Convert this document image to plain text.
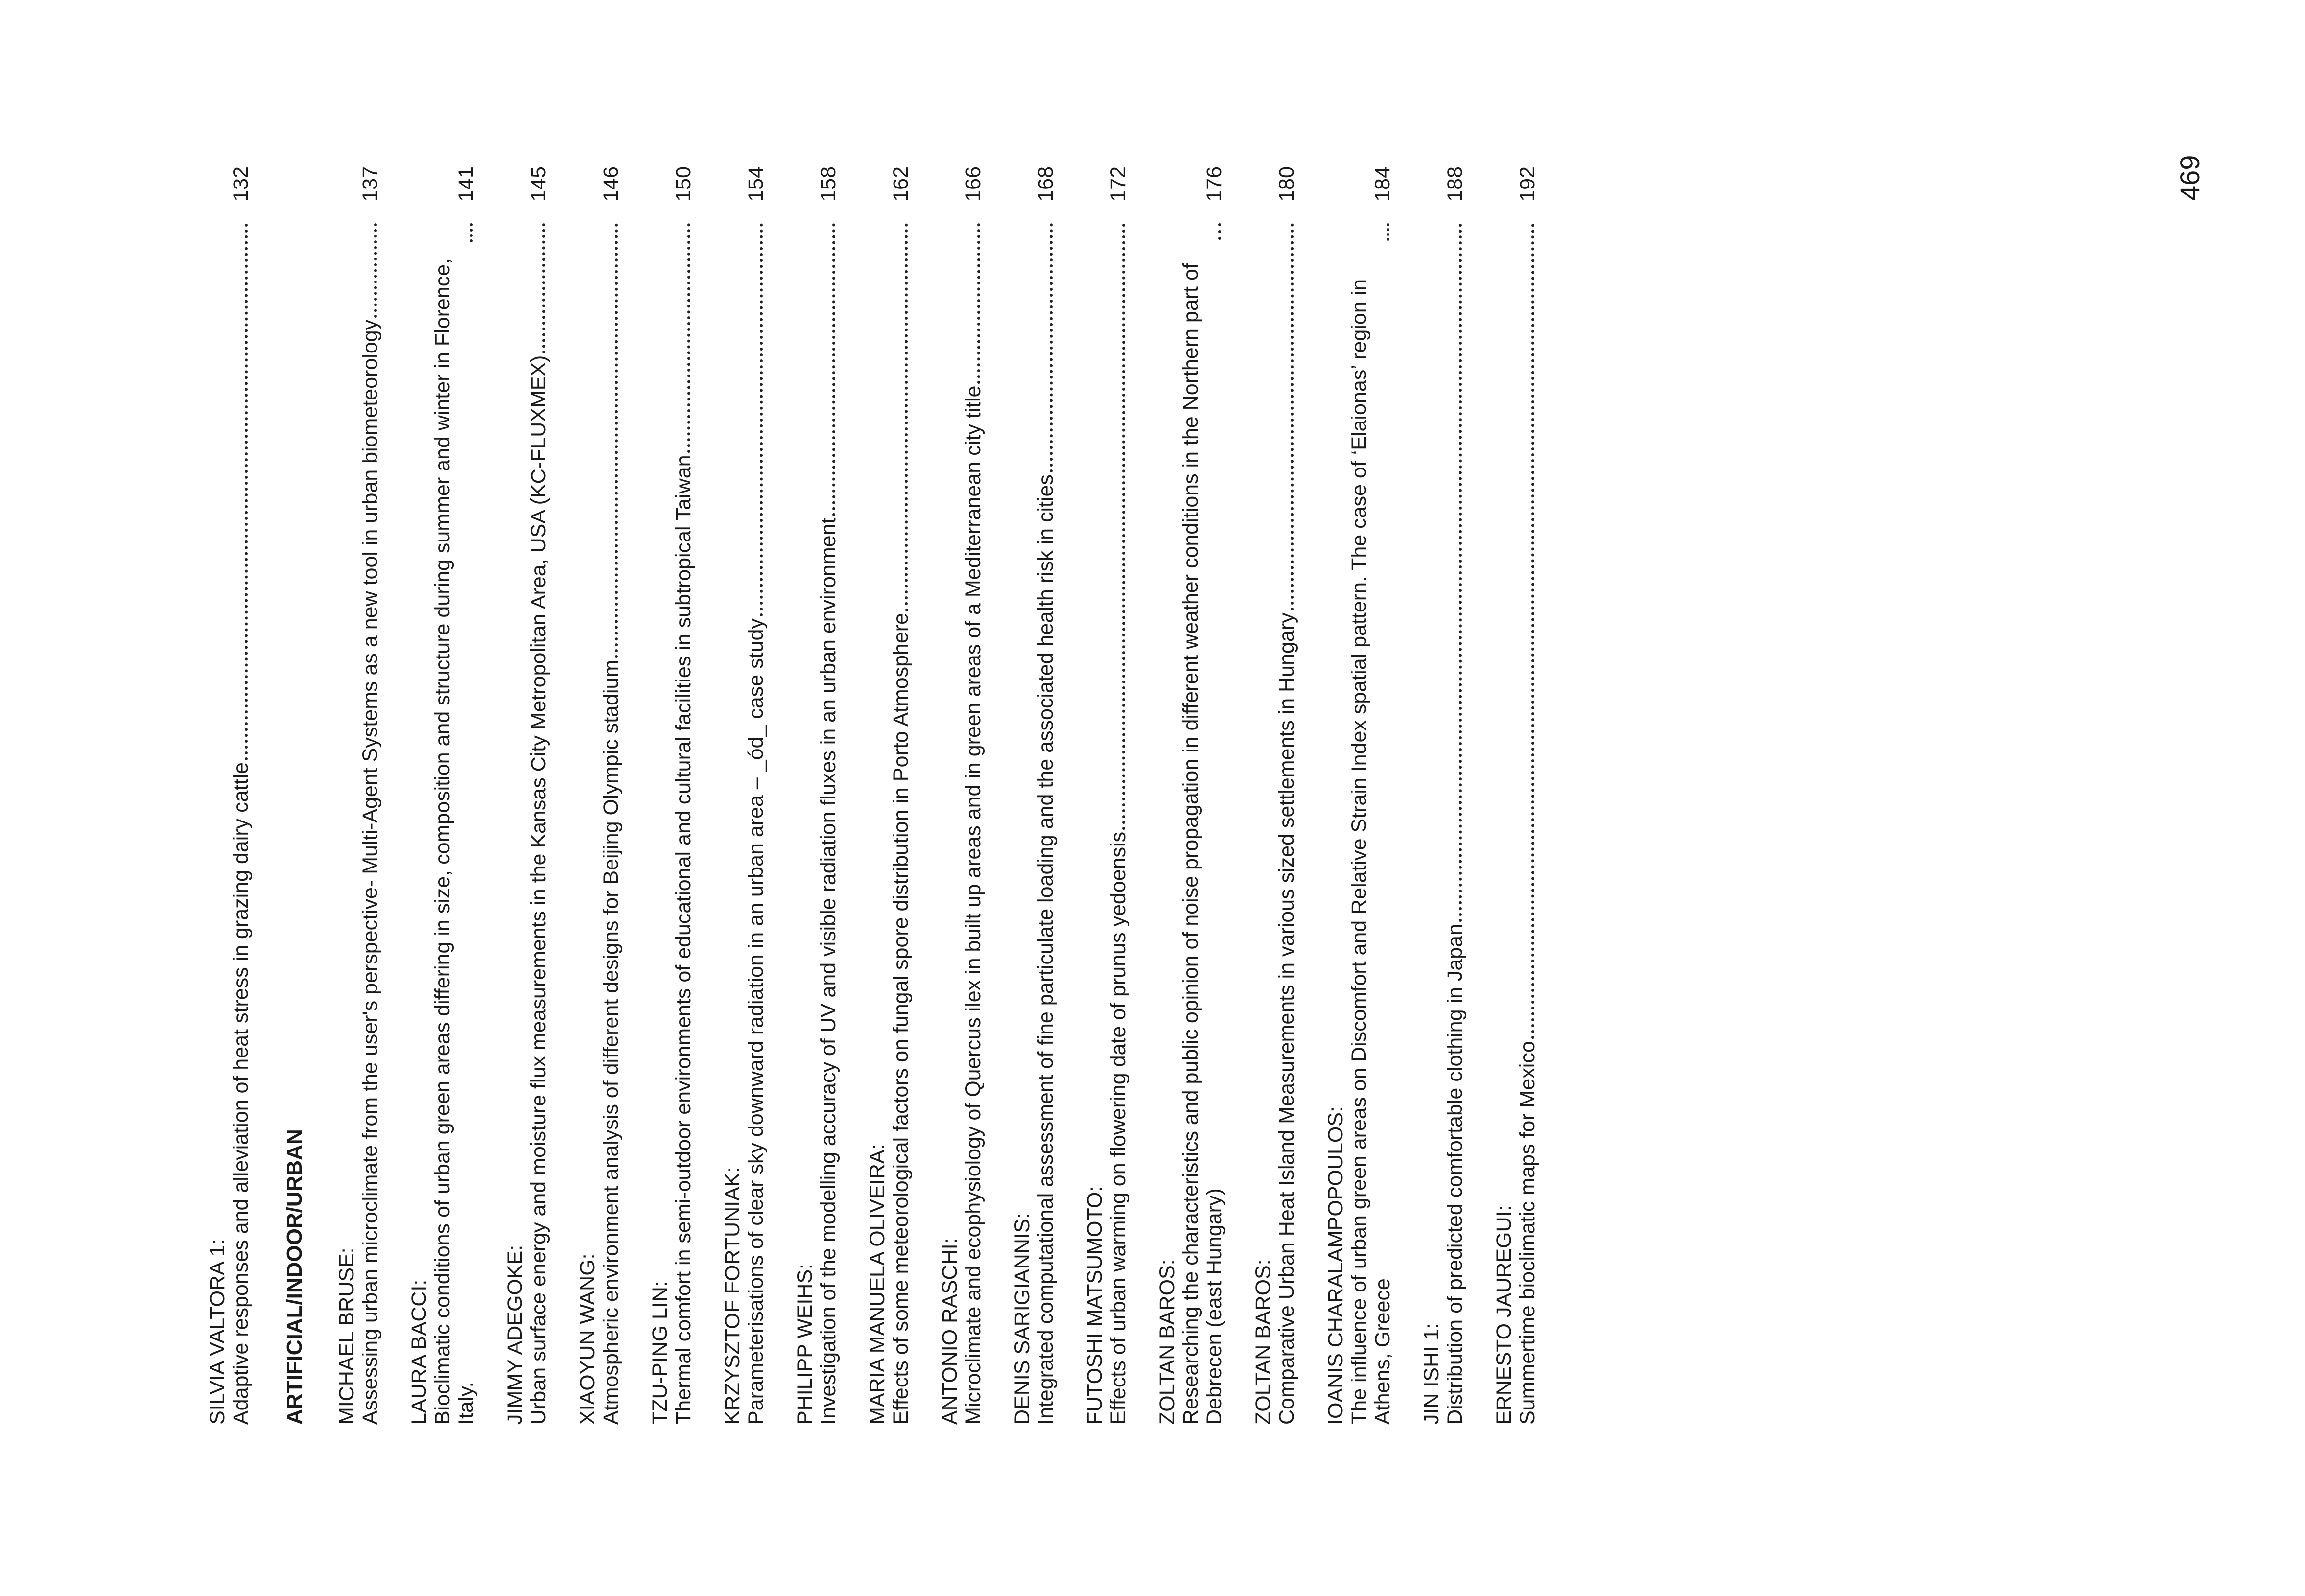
SILVIA VALTORA 1: Adaptive responses and alleviation of heat stress in grazing dairy cattle
132
ARTIFICIAL/INDOOR/URBAN MICHAEL BRUSE: Assessing urban microclimate from the user's perspective- Multi-Agent Systems as a new tool in urban biometeorology
137
LAURA BACCI: Bioclimatic conditions of urban green areas differing in size, composition and structure during summer and winter in Florence, Italy.
141
JIMMY ADEGOKE: Urban surface energy and moisture flux measurements in the Kansas City Metropolitan Area, USA (KC-FLUXMEX)
145
XIAOYUN WANG: Atmospheric environment analysis of different designs for Beijing Olympic stadium
146
TZU-PING LIN: Thermal comfort in semi-outdoor environments of educational and cultural facilities in subtropical Taiwan
150
KRZYSZTOF FORTUNIAK: Parameterisations of clear sky downward radiation in an urban area – _ód_ case study
154
PHILIPP WEIHS: Investigation of the modelling accuracy of UV and visible radiation fluxes in an urban environment
158
MARIA MANUELA OLIVEIRA: Effects of some meteorological factors on fungal spore distribution in Porto Atmosphere.
162
ANTONIO RASCHI: Microclimate and ecophysiology of Quercus ilex in built up areas and in green areas of a Mediterranean city title
166
DENIS SARIGIANNIS: Integrated computational assessment of fine particulate loading and the associated health risk in cities
168
FUTOSHI MATSUMOTO: Effects of urban warming on flowering date of prunus yedoensis
172
ZOLTAN BAROS: Researching the characteristics and public opinion of noise propagation in different weather conditions in the Northern part of Debrecen (east Hungary)
176
ZOLTAN BAROS: Comparative Urban Heat Island Measurements in various sized settlements in Hungary
180
IOANIS CHARALAMPOPOULOS: The influence of urban green areas on Discomfort and Relative Strain Index spatial pattern. The case of ‘Elaionas’ region in Athens, Greece
184
JIN ISHI 1: Distribution of predicted comfortable clothing in Japan
188
ERNESTO JAUREGUI: Summertime bioclimatic maps for Mexico
192	469
